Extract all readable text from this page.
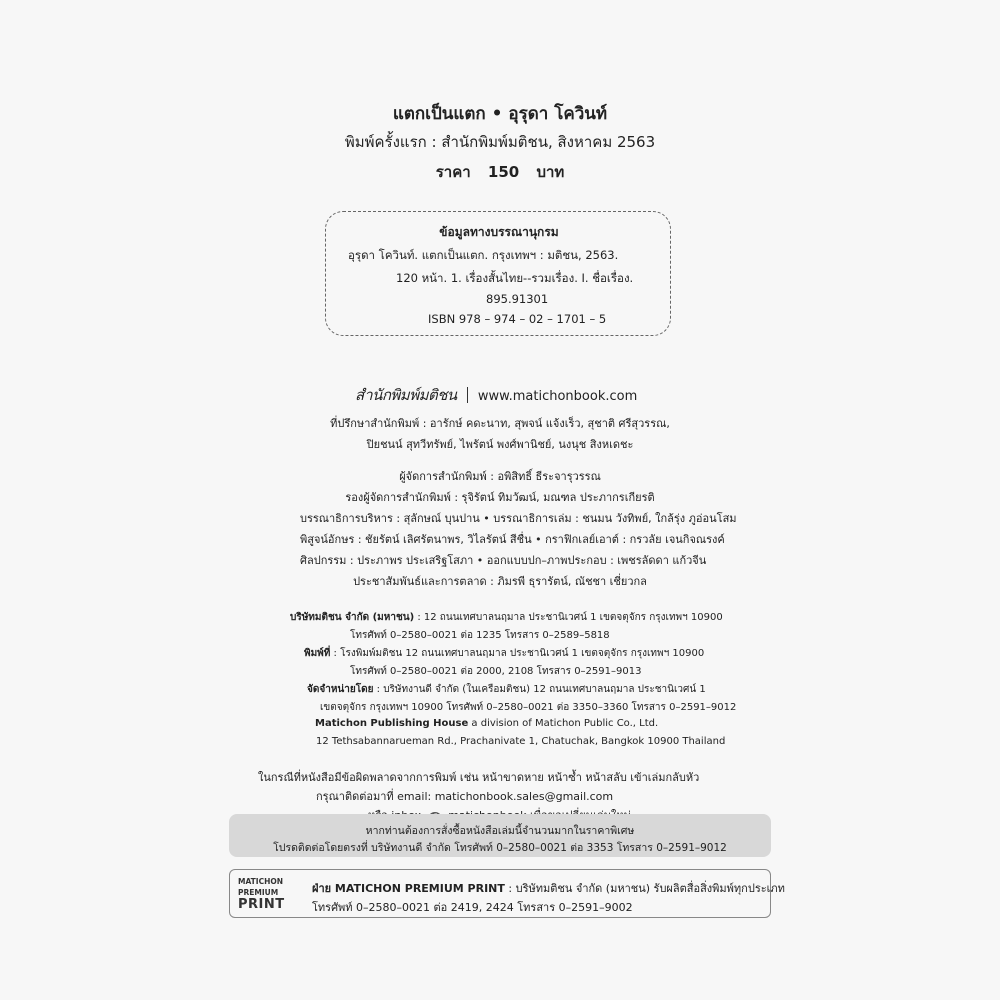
แตกเป็นแตก • อุรุดา โควินท์
พิมพ์ครั้งแรก : สำนักพิมพ์มติชน, สิงหาคม 2563
ราคา 150 บาท
ข้อมูลทางบรรณานุกรม
อุรุดา โควินท์. แตกเป็นแตก. กรุงเทพฯ : มติชน, 2563.
120 หน้า. 1. เรื่องสั้นไทย--รวมเรื่อง. I. ชื่อเรื่อง.
895.91301
ISBN 978 – 974 – 02 – 1701 – 5
สำนักพิมพ์มติชน www.matichonbook.com
ที่ปรึกษาสำนักพิมพ์ : อารักษ์ คดะนาท, สุพจน์ แจ้งเร็ว, สุชาติ ศรีสุวรรณ,
ปิยชนน์ สุทวีทรัพย์, ไพรัตน์ พงศ์พานิชย์, นงนุช สิงหเดชะ
ผู้จัดการสำนักพิมพ์ : อพิสิทธิ์ ธีระจารุวรรณ
รองผู้จัดการสำนักพิมพ์ : รุจิรัตน์ ทิมวัฒน์, มณฑล ประภากรเกียรติ
บรรณาธิการบริหาร : สุลักษณ์ บุนปาน • บรรณาธิการเล่ม : ชนมน วังทิพย์, ใกล้รุ่ง ภูอ่อนโสม
พิสูจน์อักษร : ชัยรัตน์ เลิศรัตนาพร, วิไลรัตน์ สีชื่น • กราฟิกเลย์เอาต์ : กรวลัย เจนกิจณรงค์
ศิลปกรรม : ประภาพร ประเสริฐโสภา • ออกแบบปก–ภาพประกอบ : เพชรลัดดา แก้วจีน
ประชาสัมพันธ์และการตลาด : ภิมรพี ธุรารัตน์, ณัชชา เชี่ยวกล
บริษัทมติชน จำกัด (มหาชน) : 12 ถนนเทศบาลนฤมาล ประชานิเวศน์ 1 เขตจตุจักร กรุงเทพฯ 10900
โทรศัพท์ 0–2580–0021 ต่อ 1235 โทรสาร 0–2589–5818
พิมพ์ที่ : โรงพิมพ์มติชน 12 ถนนเทศบาลนฤมาล ประชานิเวศน์ 1 เขตจตุจักร กรุงเทพฯ 10900
โทรศัพท์ 0–2580–0021 ต่อ 2000, 2108 โทรสาร 0–2591–9013
จัดจำหน่ายโดย : บริษัทงานดี จำกัด (ในเครือมติชน) 12 ถนนเทศบาลนฤมาล ประชานิเวศน์ 1
เขตจตุจักร กรุงเทพฯ 10900 โทรศัพท์ 0–2580–0021 ต่อ 3350–3360 โทรสาร 0–2591–9012
Matichon Publishing House a division of Matichon Public Co., Ltd.
12 Tethsabannarueman Rd., Prachanivate 1, Chatuchak, Bangkok 10900 Thailand
ในกรณีที่หนังสือมีข้อผิดพลาดจากการพิมพ์ เช่น หน้าขาดหาย หน้าซ้ำ หน้าสลับ เข้าเล่มกลับหัว
กรุณาติดต่อมาที่ email: matichonbook.sales@gmail.com
หากท่านต้องการสั่งซื้อหนังสือเล่มนี้จำนวนมากในราคาพิเศษ
โปรดติดต่อโดยตรงที่ บริษัทงานดี จำกัด โทรศัพท์ 0–2580–0021 ต่อ 3353 โทรสาร 0–2591–9012
MATICHON
PREMIUM
PRINT
ฝ่าย MATICHON PREMIUM PRINT : บริษัทมติชน จำกัด (มหาชน) รับผลิตสื่อสิ่งพิมพ์ทุกประเภท
โทรศัพท์ 0–2580–0021 ต่อ 2419, 2424 โทรสาร 0–2591–9002
